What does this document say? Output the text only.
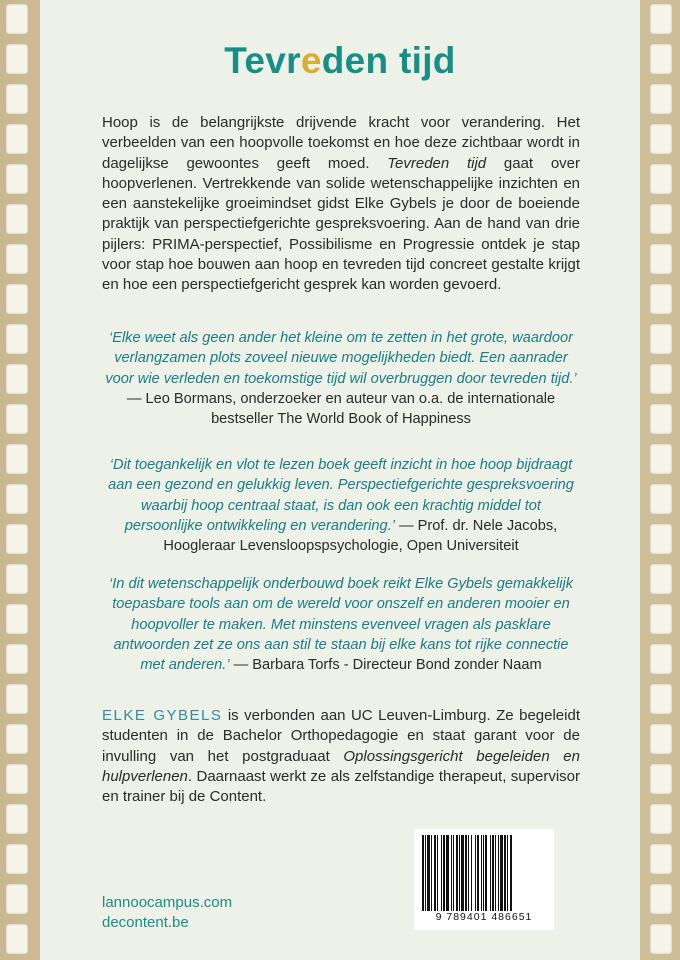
Tevreden tijd
Hoop is de belangrijkste drijvende kracht voor verandering. Het verbeelden van een hoopvolle toekomst en hoe deze zichtbaar wordt in dagelijkse gewoontes geeft moed. Tevreden tijd gaat over hoopverlenen. Vertrekkende van solide wetenschappelijke inzichten en een aanstekelijke groeimindset gidst Elke Gybels je door de boeiende praktijk van perspectiefgerichte gespreksvoering. Aan de hand van drie pijlers: PRIMA-perspectief, Possibilisme en Progressie ontdek je stap voor stap hoe bouwen aan hoop en tevreden tijd concreet gestalte krijgt en hoe een perspectiefgericht gesprek kan worden gevoerd.
‘Elke weet als geen ander het kleine om te zetten in het grote, waardoor verlangzamen plots zoveel nieuwe mogelijkheden biedt. Een aanrader voor wie verleden en toekomstige tijd wil overbruggen door tevreden tijd.’ — Leo Bormans, onderzoeker en auteur van o.a. de internationale bestseller The World Book of Happiness
‘Dit toegankelijk en vlot te lezen boek geeft inzicht in hoe hoop bijdraagt aan een gezond en gelukkig leven. Perspectiefgerichte gespreksvoering waarbij hoop centraal staat, is dan ook een krachtig middel tot persoonlijke ontwikkeling en verandering.’ — Prof. dr. Nele Jacobs, Hoogleraar Levensloopspsychologie, Open Universiteit
‘In dit wetenschappelijk onderbouwd boek reikt Elke Gybels gemakkelijk toepasbare tools aan om de wereld voor onszelf en anderen mooier en hoopvoller te maken. Met minstens evenveel vragen als pasklare antwoorden zet ze ons aan stil te staan bij elke kans tot rijke connectie met anderen.’ — Barbara Torfs - Directeur Bond zonder Naam
ELKE GYBELS is verbonden aan UC Leuven-Limburg. Ze begeleidt studenten in de Bachelor Orthopedagogie en staat garant voor de invulling van het postgraduaat Oplossingsgericht begeleiden en hulpverlenen. Daarnaast werkt ze als zelfstandige therapeut, supervisor en trainer bij de Content.
lannoocampus.com
decontent.be	9 789401 486651
